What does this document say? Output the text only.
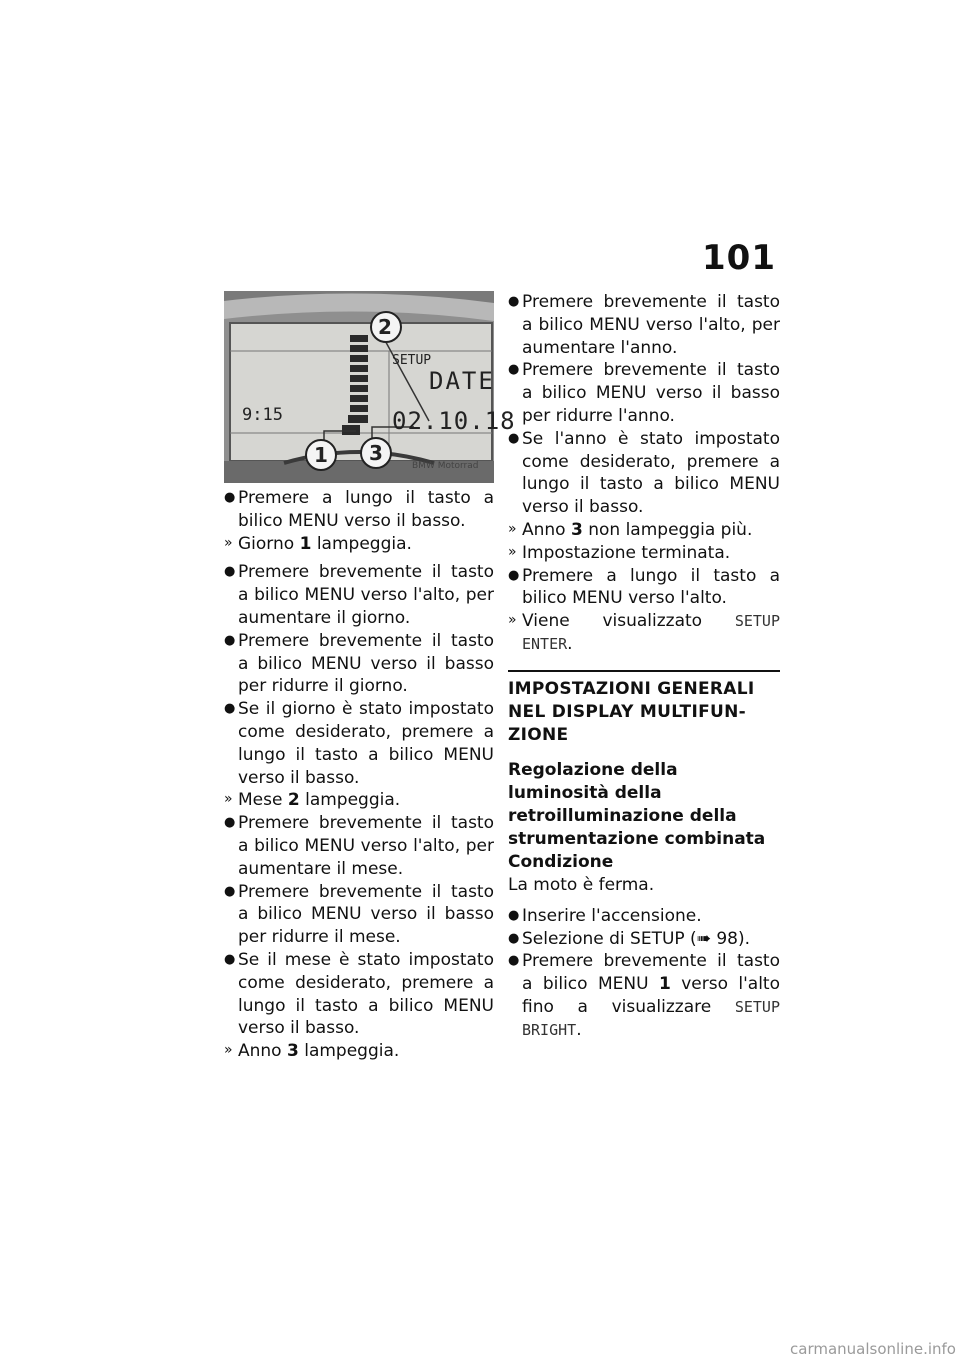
101
9:15
SETUP
DATE
02.10.18
BMW Motorrad
2
1 3
● Premere a lungo il tasto a bilico MENU verso il basso.
» Giorno 1 lampeggia.
● Premere brevemente il tasto a bilico MENU verso l'alto, per aumentare il giorno.
● Premere brevemente il tasto a bilico MENU verso il basso per ridurre il giorno.
● Se il giorno è stato impostato come desiderato, premere a lungo il tasto a bilico MENU verso il basso.
» Mese 2 lampeggia.
● Premere brevemente il tasto a bilico MENU verso l'alto, per aumentare il mese.
● Premere brevemente il tasto a bilico MENU verso il basso per ridurre il mese.
● Se il mese è stato impostato come desiderato, premere a lungo il tasto a bilico MENU verso il basso.
» Anno 3 lampeggia.
● Premere brevemente il tasto a bilico MENU verso l'alto, per aumentare l'anno.
● Premere brevemente il tasto a bilico MENU verso il basso per ridurre l'anno.
● Se l'anno è stato impostato come desiderato, premere a lungo il tasto a bilico MENU verso il basso.
» Anno 3 non lampeggia più.
» Impostazione terminata.
● Premere a lungo il tasto a bilico MENU verso l'alto.
» Viene visualizzato SETUP ENTER.
IMPOSTAZIONI GENERALI NEL DISPLAY MULTIFUN-ZIONE
Regolazione della luminosità della retroilluminazione della strumentazione combinata
Condizione
La moto è ferma.
● Inserire l'accensione.
● Selezione di SETUP (➠ 98).
● Premere brevemente il tasto a bilico MENU 1 verso l'alto fino a visualizzare SETUP BRIGHT.
carmanualsonline.info
